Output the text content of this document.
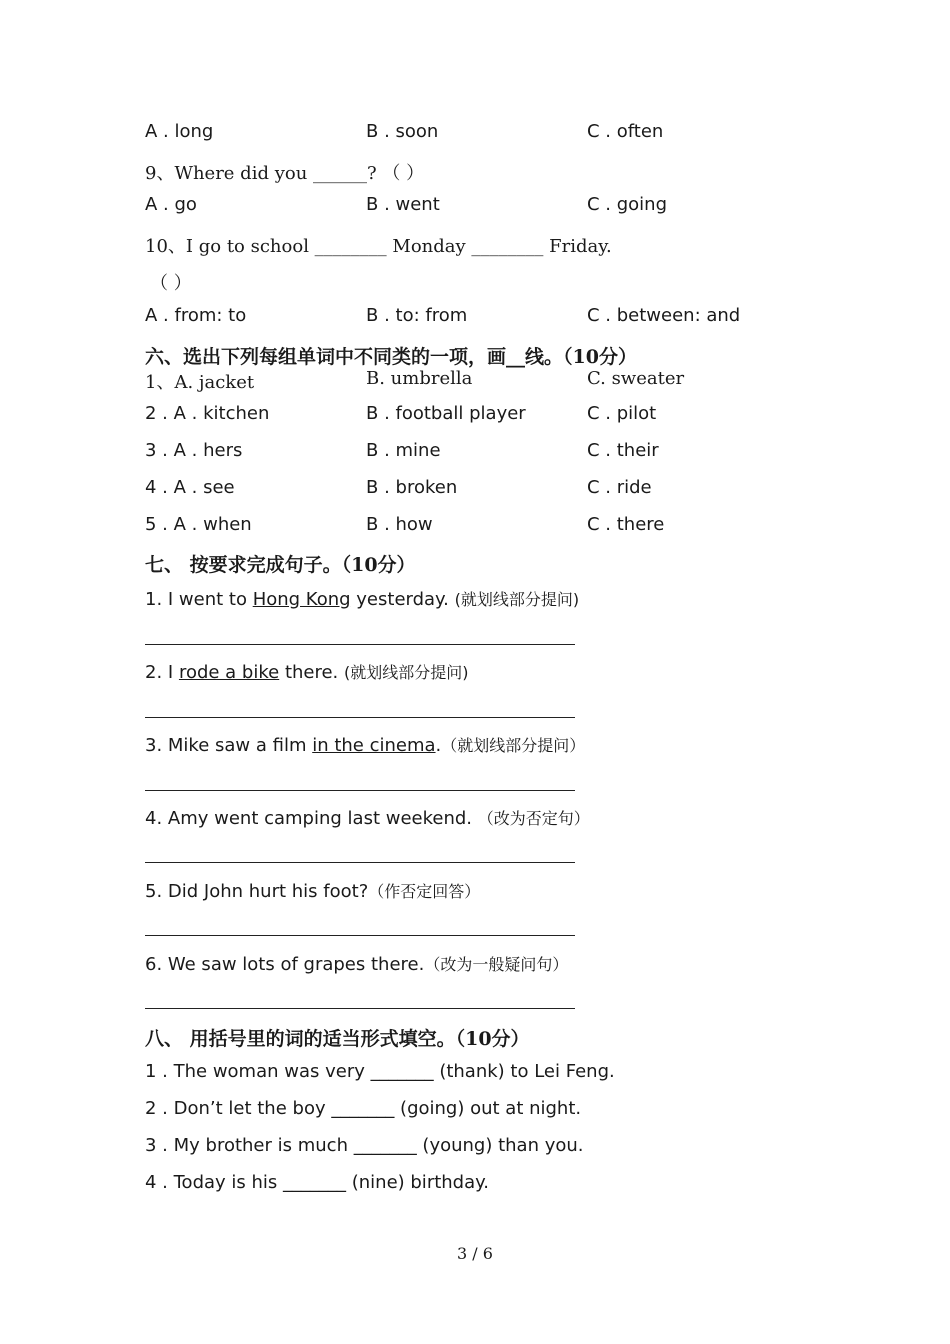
A . long	B . soon	C . often
9、Where did you ______? （ ）
A . go	B . went	C . going
10、I go to school ________ Monday ________ Friday.
（ ）
A . from: to	B . to: from	C . between: and
六、选出下列每组单词中不同类的一项，画__线。（10分）
1、A. jacket	B. umbrella	C. sweater
2 . A . kitchen	B . football player	C . pilot
3 . A . hers	B . mine	C . their
4 . A . see	B . broken	C . ride
5 . A . when	B . how	C . there
七、 按要求完成句子。（10分）
1. I went to Hong Kong yesterday. (就划线部分提问)
2. I rode a bike there. (就划线部分提问)
3. Mike saw a film in the cinema.（就划线部分提问）
4. Amy went camping last weekend. （改为否定句）
5. Did John hurt his foot?（作否定回答）
6. We saw lots of grapes there.（改为一般疑问句）
八、 用括号里的词的适当形式填空。（10分）
1 . The woman was very _______ (thank) to Lei Feng.
2 . Don’t let the boy _______ (going) out at night.
3 . My brother is much _______ (young) than you.
4 . Today is his _______ (nine) birthday.
3 / 6
